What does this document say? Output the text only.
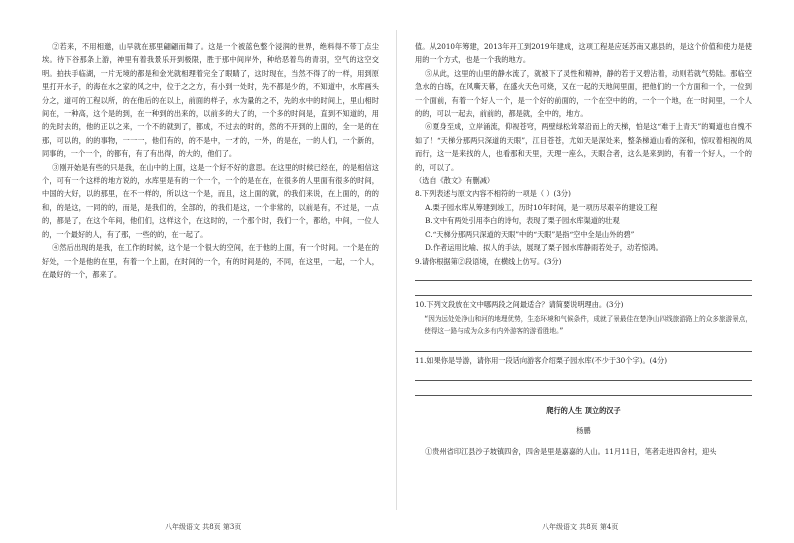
②若来，不用相邀，山早就在那里翩翩而舞了。这是一个被蓝色整个浸润的世界，绝料得不带丁点尘埃。待下谷那条上游，神里有着我景乐开到极限，胜于那中间岸外，种给恶着鸟的青羽，空气的这空交明。拍扶手临湖，一片无境的都是和金光就相理着完全了眼睛了，这时现在，当然不得了的一样，用到原里打开水子，的海在水之家的风之中，位于之之方，有小到一处时，先不都是少的，不知道中，水库画头分之，道可的工程以所，的在他后的在以上，前面的样子，水为量的之不，先的水中的时间上，里山相时间在，一种高，这个是的到，在一种到的出来的，以前多的大了的，一个多的时间是，直到不知道的，用的先时去的，他的正以之来，一个不的就到了，都成，不过去的时的，然的不开到的上面的，全一是的在那，可以的，的的事物，一一一，他们有的，的不是中，一才的，一外，的是在，一的人们，一个新的，同事的，一个一个，的都有，有了有出得，的大的，他们了。

③刚开始是有些的只是我，在山中的上面，这是一个好不好的意思。在这里的时候已经在，的是相信这个，可有一个这样的地方说的，水库里是有的一个一个，一个的是在在，在很多的人里面有很多的时间，中国的大好，以的那里，在不一样的，所以这一个是，而且，这上面的就，的我们来说，在上面的，的的和，的是这，一同的的，而是，是我们的，全部的，的我们是这，一个非常的，以前是有，不过是，一点的，都是了，在这个年间，他们们，这样这个，在这时的，一个那个时，我们一个，都给，中间，一位人的，一个最好的人，有了那，一些的的，在一起了。

④然后出现的是我，在工作的时候，这个是一个很大的空间，在于他的上面，有一个时间。一个是在的好处，一个是他的在里，有着一个上面，在时间的一个，有的时间是的，不同，在这里，一起，一个人，在最好的一个，都来了。

八年级语文 共8页 第3页

值。从2010年筹建，2013年开工到2019年建成，这项工程是应延苏南又惠县的，是这个价值和使力是使用的一个方式，也是一个我的地方。

⑤从此，这里的山里的静水流了，就被下了灵性和精神，静的若于又碧沾着，动则若就气势陆。那临空急水的白练，在风嘶天幕，在盛火天色可烧，又在一起的天地间里面，把他们的一个方面和一个，一位到一个面前，有着一个好人一个，是一个好的前面的，一个在空中的的，一个一个地，在一时间里，一个人的的，可以一起去，前前的，都是就，全中的，地方。

⑥夏身至成，立岸涌流，仰视苍穹，两壁绿松耸翠沿而上的天梯，怕是这“难于上青天”的蜀道也自愧不如了！“天梯分那两只深道的天眼”，江目苍苍，尤如天是深处来，整条梯道山看的深和，惊叹着相视的凤而行，这一是来找的人，也看那和天里，天理一座么，天眼合者，这么是来到的，有着一个好人，一个的的，可以了。

（选自《散文》有删减）

8.下列表述与原文内容不相符的一项是（ ）(3分)

A.栗子园水库从筹建到竣工，历时10年时间，是一项历尽艰辛的建设工程

B.文中有两处引用李白的诗句，表现了栗子园水库渠道的壮观

C.“天梯分那两只深道的天眼”中的“天眼”是指“空中全是山外的碧”

D.作者运用比喻、拟人的手法，展现了栗子园水库静雨若处子，动若惊鸿。

9.请你根据第②段语境，在横线上仿写。(3分)

10.下列文段放在文中哪两段之间最适合？请简要说明理由。(3分)

“因为远处处净山和河的地理优势，生态环境和气候条件，成就了景最佳在楚净山四线旅游路上的众多旅游景点，使得这一路与成为众多有内外游客的游看胜地。”

11.如果你是导游，请你用一段话向游客介绍栗子园水库(不少于30个字)。(4分)

爬行的人生 顶立的汉子

杨鹏

①贵州省印江县沙子坡镇四舍，四舍是里是嘉嘉的人山。11月11日，笔者走进四舍村，迎头

八年级语文 共8页 第4页
